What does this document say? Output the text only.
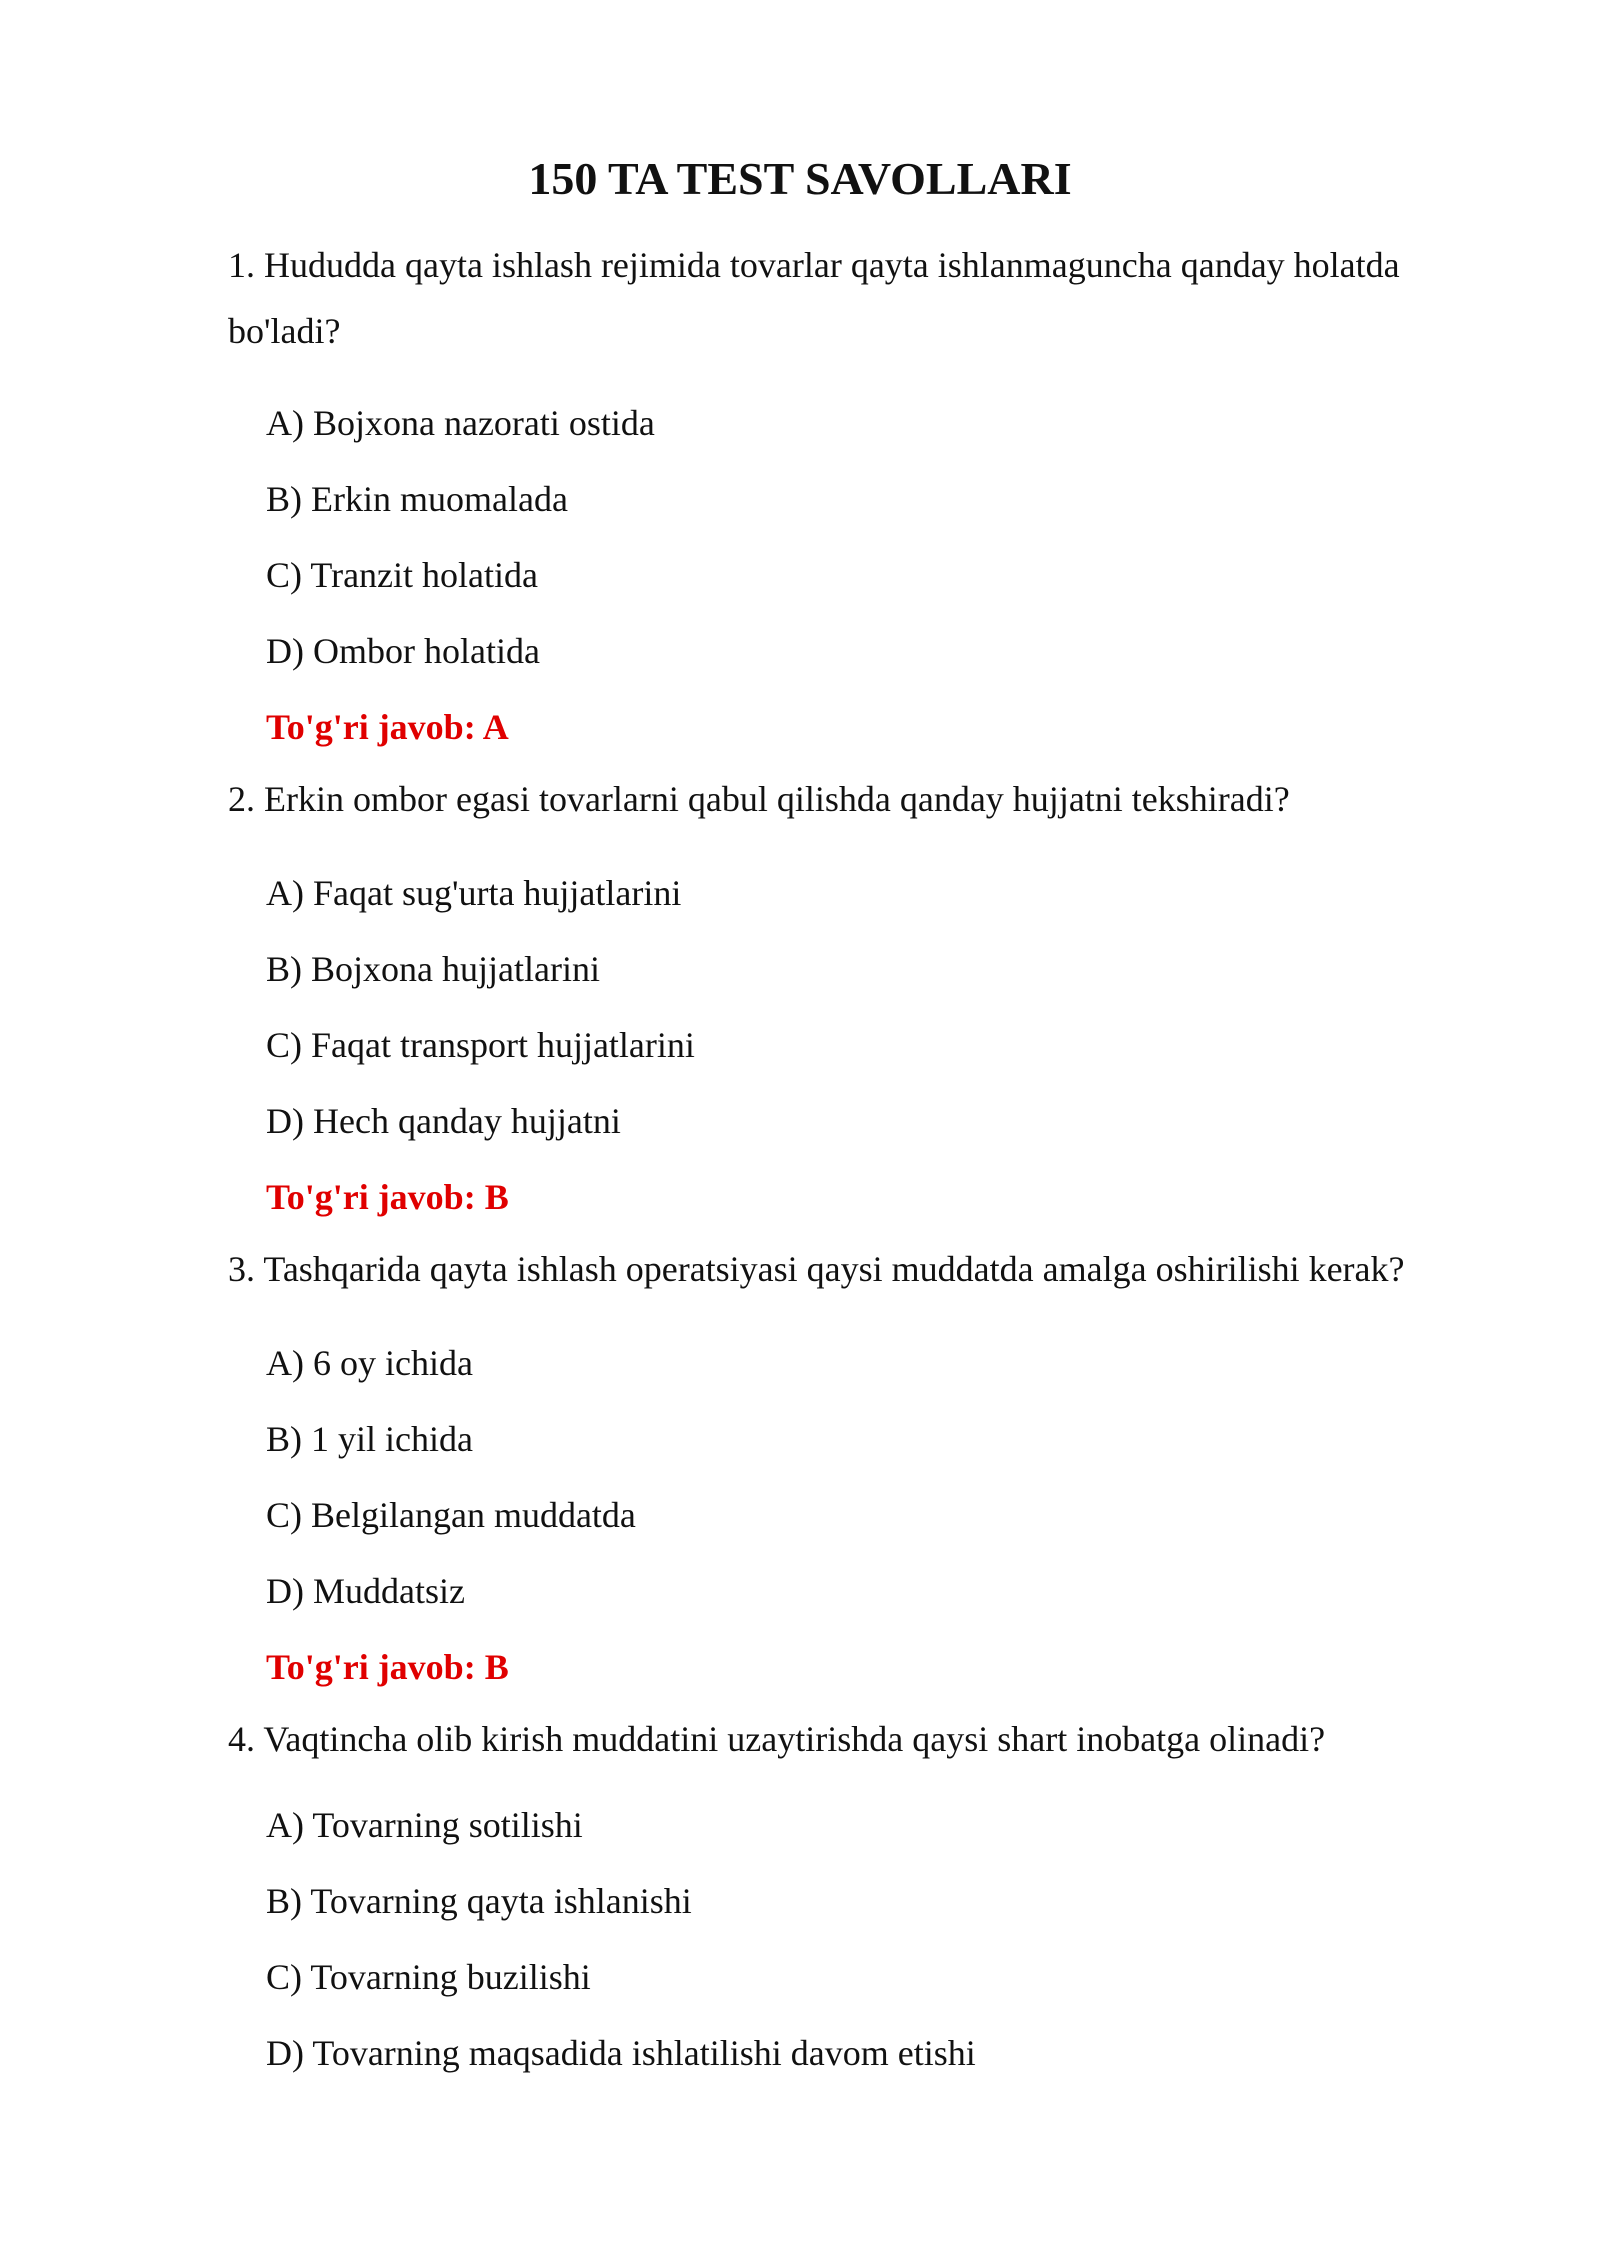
150 TA TEST SAVOLLARI

1. Hududda qayta ishlash rejimida tovarlar qayta ishlanmaguncha qanday holatda bo'ladi?

A) Bojxona nazorati ostida

B) Erkin muomalada

C) Tranzit holatida

D) Ombor holatida

To'g'ri javob: A

2. Erkin ombor egasi tovarlarni qabul qilishda qanday hujjatni tekshiradi?

A) Faqat sug'urta hujjatlarini

B) Bojxona hujjatlarini

C) Faqat transport hujjatlarini

D) Hech qanday hujjatni

To'g'ri javob: B

3. Tashqarida qayta ishlash operatsiyasi qaysi muddatda amalga oshirilishi kerak?

A) 6 oy ichida

B) 1 yil ichida

C) Belgilangan muddatda

D) Muddatsiz

To'g'ri javob: B

4. Vaqtincha olib kirish muddatini uzaytirishda qaysi shart inobatga olinadi?

A) Tovarning sotilishi

B) Tovarning qayta ishlanishi

C) Tovarning buzilishi

D) Tovarning maqsadida ishlatilishi davom etishi
